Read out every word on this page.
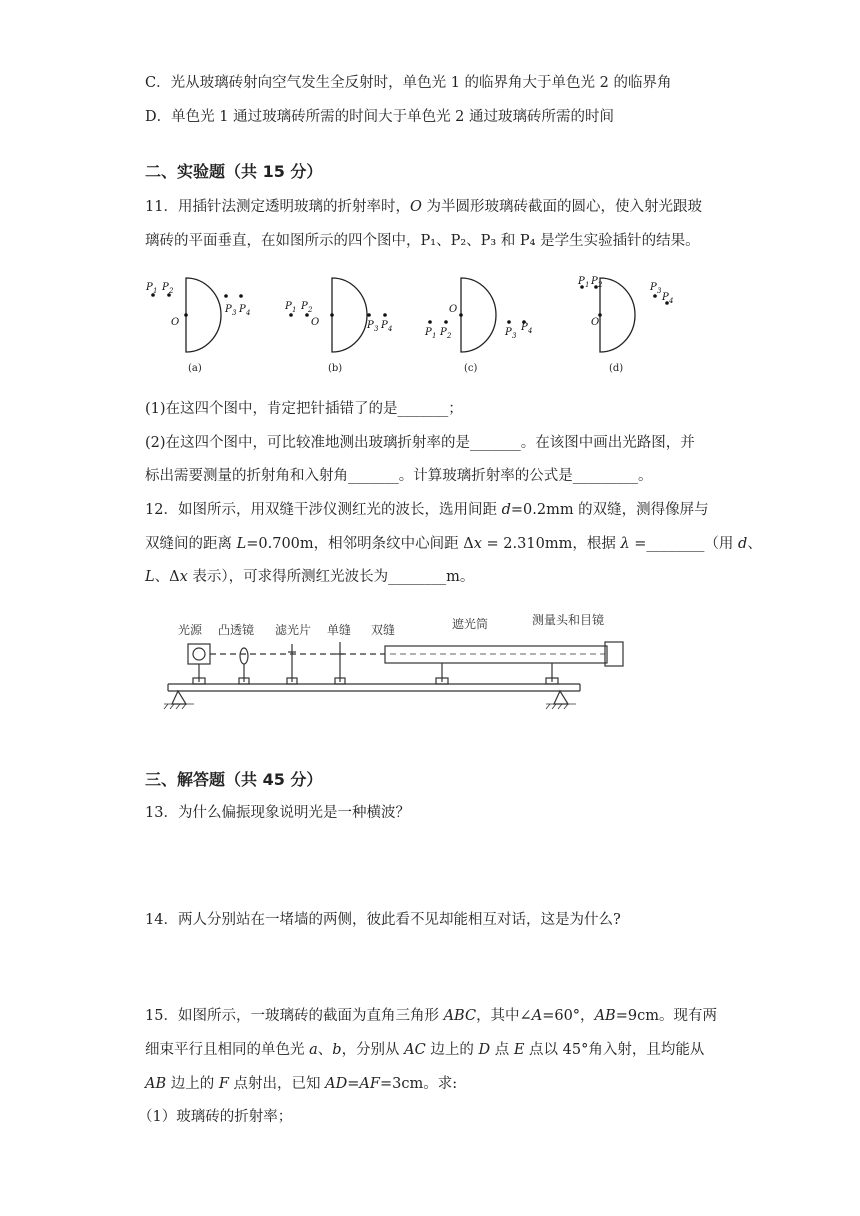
C．光从玻璃砖射向空气发生全反射时，单色光 1 的临界角大于单色光 2 的临界角
D．单色光 1 通过玻璃砖所需的时间大于单色光 2 通过玻璃砖所需的时间
二、实验题（共 15 分）
11．用插针法测定透明玻璃的折射率时，O 为半圆形玻璃砖截面的圆心，使入射光跟玻
璃砖的平面垂直，在如图所示的四个图中，P₁、P₂、P₃ 和 P₄ 是学生实验插针的结果。
P 1 P 2
O
P 3 P 4
P 1 P 2
O	P 3 P 4
O
P 1 P 2	P 3
P 4
P 1 P 2
O
P 3
P 4
(a)	(b)	(c)	(d)
(1)在这四个图中，肯定把针插错了的是_______；
(2)在这四个图中，可比较准地测出玻璃折射率的是_______。在该图中画出光路图，并
标出需要测量的折射角和入射角_______。计算玻璃折射率的公式是_________。
12．如图所示，用双缝干涉仪测红光的波长，选用间距 d=0.2mm 的双缝，测得像屏与
双缝间的距离 L=0.700m，相邻明条纹中心间距 Δx = 2.310mm，根据 λ =________（用 d、
L、Δx 表示），可求得所测红光波长为________m。
光源 凸透镜 滤光片 单缝 双缝	遮光筒	测量头和目镜
三、解答题（共 45 分）
13．为什么偏振现象说明光是一种横波？
14．两人分别站在一堵墙的两侧，彼此看不见却能相互对话，这是为什么?
15．如图所示，一玻璃砖的截面为直角三角形 ABC，其中∠A=60°，AB=9cm。现有两
细束平行且相同的单色光 a、b，分别从 AC 边上的 D 点 E 点以 45°角入射，且均能从
AB 边上的 F 点射出，已知 AD=AF=3cm。求:
（1）玻璃砖的折射率；
